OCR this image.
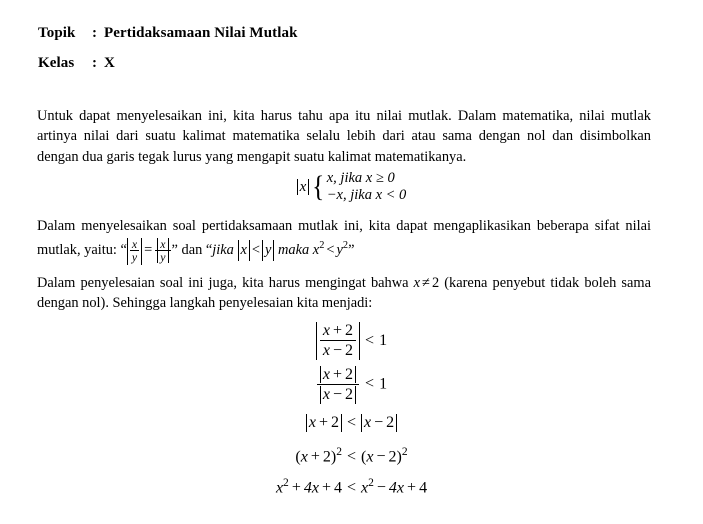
Topik : Pertidaksamaan Nilai Mutlak
Kelas : X
Untuk dapat menyelesaikan ini, kita harus tahu apa itu nilai mutlak. Dalam matematika, nilai mutlak artinya nilai dari suatu kalimat matematika selalu lebih dari atau sama dengan nol dan disimbolkan dengan dua garis tegak lurus yang mengapit suatu kalimat matematikanya.
x { x, jika x ≥ 0
−x, jika x < 0
Dalam menyelesaikan soal pertidaksamaan mutlak ini, kita dapat mengaplikasikan beberapa sifat nilai mutlak, yaitu: “ $\frac{x}{y} = \frac{x}{y}$ ” dan “jika x < y maka $x^2 < y^2$”
Dalam penyelesaian soal ini juga, kita harus mengingat bahwa x ≠ 2 (karena penyebut tidak boleh sama dengan nol). Sehingga langkah penyelesaian kita menjadi:
$\frac{x + 2}{x - 2} < 1$
$\frac{x + 2}{x - 2} < 1$
x + 2 < x − 2
$(x + 2)^2 < (x - 2)^2$
$x^2 + 4x + 4 < x^2 - 4x + 4$
